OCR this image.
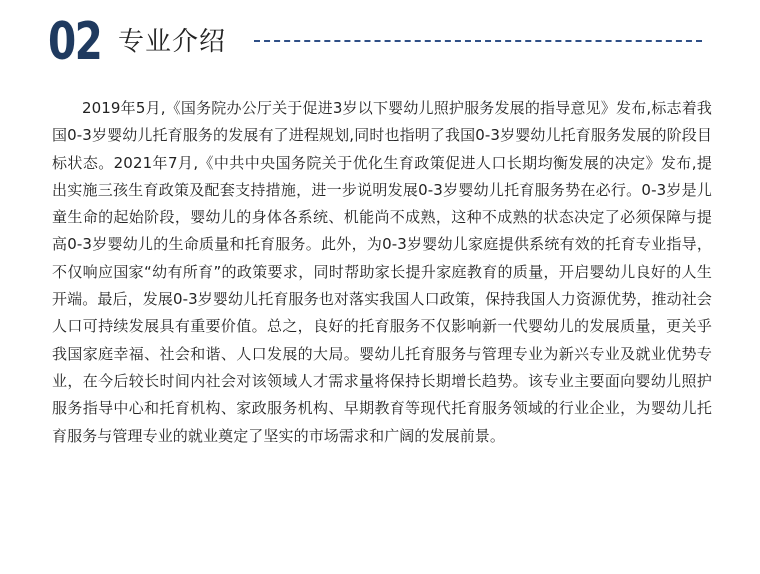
02 专业介绍

2019年5月,《国务院办公厅关于促进3岁以下婴幼儿照护服务发展的指导意见》发布,标志着我国0-3岁婴幼儿托育服务的发展有了进程规划,同时也指明了我国0-3岁婴幼儿托育服务发展的阶段目标状态。2021年7月,《中共中央国务院关于优化生育政策促进人口长期均衡发展的决定》发布,提出实施三孩生育政策及配套支持措施，进一步说明发展0-3岁婴幼儿托育服务势在必行。0-3岁是儿童生命的起始阶段，婴幼儿的身体各系统、机能尚不成熟，这种不成熟的状态决定了必须保障与提高0-3岁婴幼儿的生命质量和托育服务。此外，为0-3岁婴幼儿家庭提供系统有效的托育专业指导，不仅响应国家“幼有所育”的政策要求，同时帮助家长提升家庭教育的质量，开启婴幼儿良好的人生开端。最后，发展0-3岁婴幼儿托育服务也对落实我国人口政策，保持我国人力资源优势，推动社会人口可持续发展具有重要价值。总之，良好的托育服务不仅影响新一代婴幼儿的发展质量，更关乎我国家庭幸福、社会和谐、人口发展的大局。婴幼儿托育服务与管理专业为新兴专业及就业优势专业，在今后较长时间内社会对该领域人才需求量将保持长期增长趋势。该专业主要面向婴幼儿照护服务指导中心和托育机构、家政服务机构、早期教育等现代托育服务领域的行业企业，为婴幼儿托育服务与管理专业的就业奠定了坚实的市场需求和广阔的发展前景。
